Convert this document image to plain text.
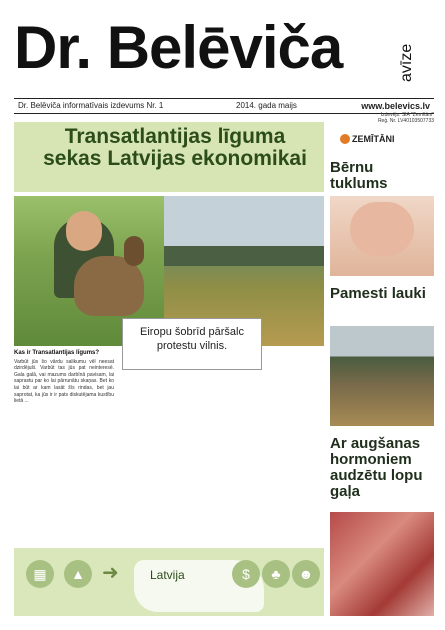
Dr. Belēviča	avīze
Dr. Belēviča informatīvais izdevums Nr. 1	2014. gada maijs	www.belevics.lv
Transatlantijas līguma sekas Latvijas ekonomikai
Eiropu šobrīd pāršalc protestu vilnis.
Kas ir Transatlantijas līgums?

Varbūt jūs šo vārdu salikumu vēl neesat dzirdējuši. Varbūt tas jūs pat neinteresē. Gala galā, vai mazums darbīnā pavisam, lai saprastu par ko lai pārrunātu skaņas. Bet ko lai būt ar kam lasāt šīs rindas, bet jau saprotat, ka jūs ir ir pats diskutējama kustību lietā ...

Izdevējs: SIA "Zemītāni"
Reģ. Nr. LV40103507733
ZEMĪTĀNI
Bērnu tuklums
Pamesti lauki
Ar augšanas hormoniem audzētu lopu gaļa
Latvija
▦	▲ ➜	$	♣	☻
